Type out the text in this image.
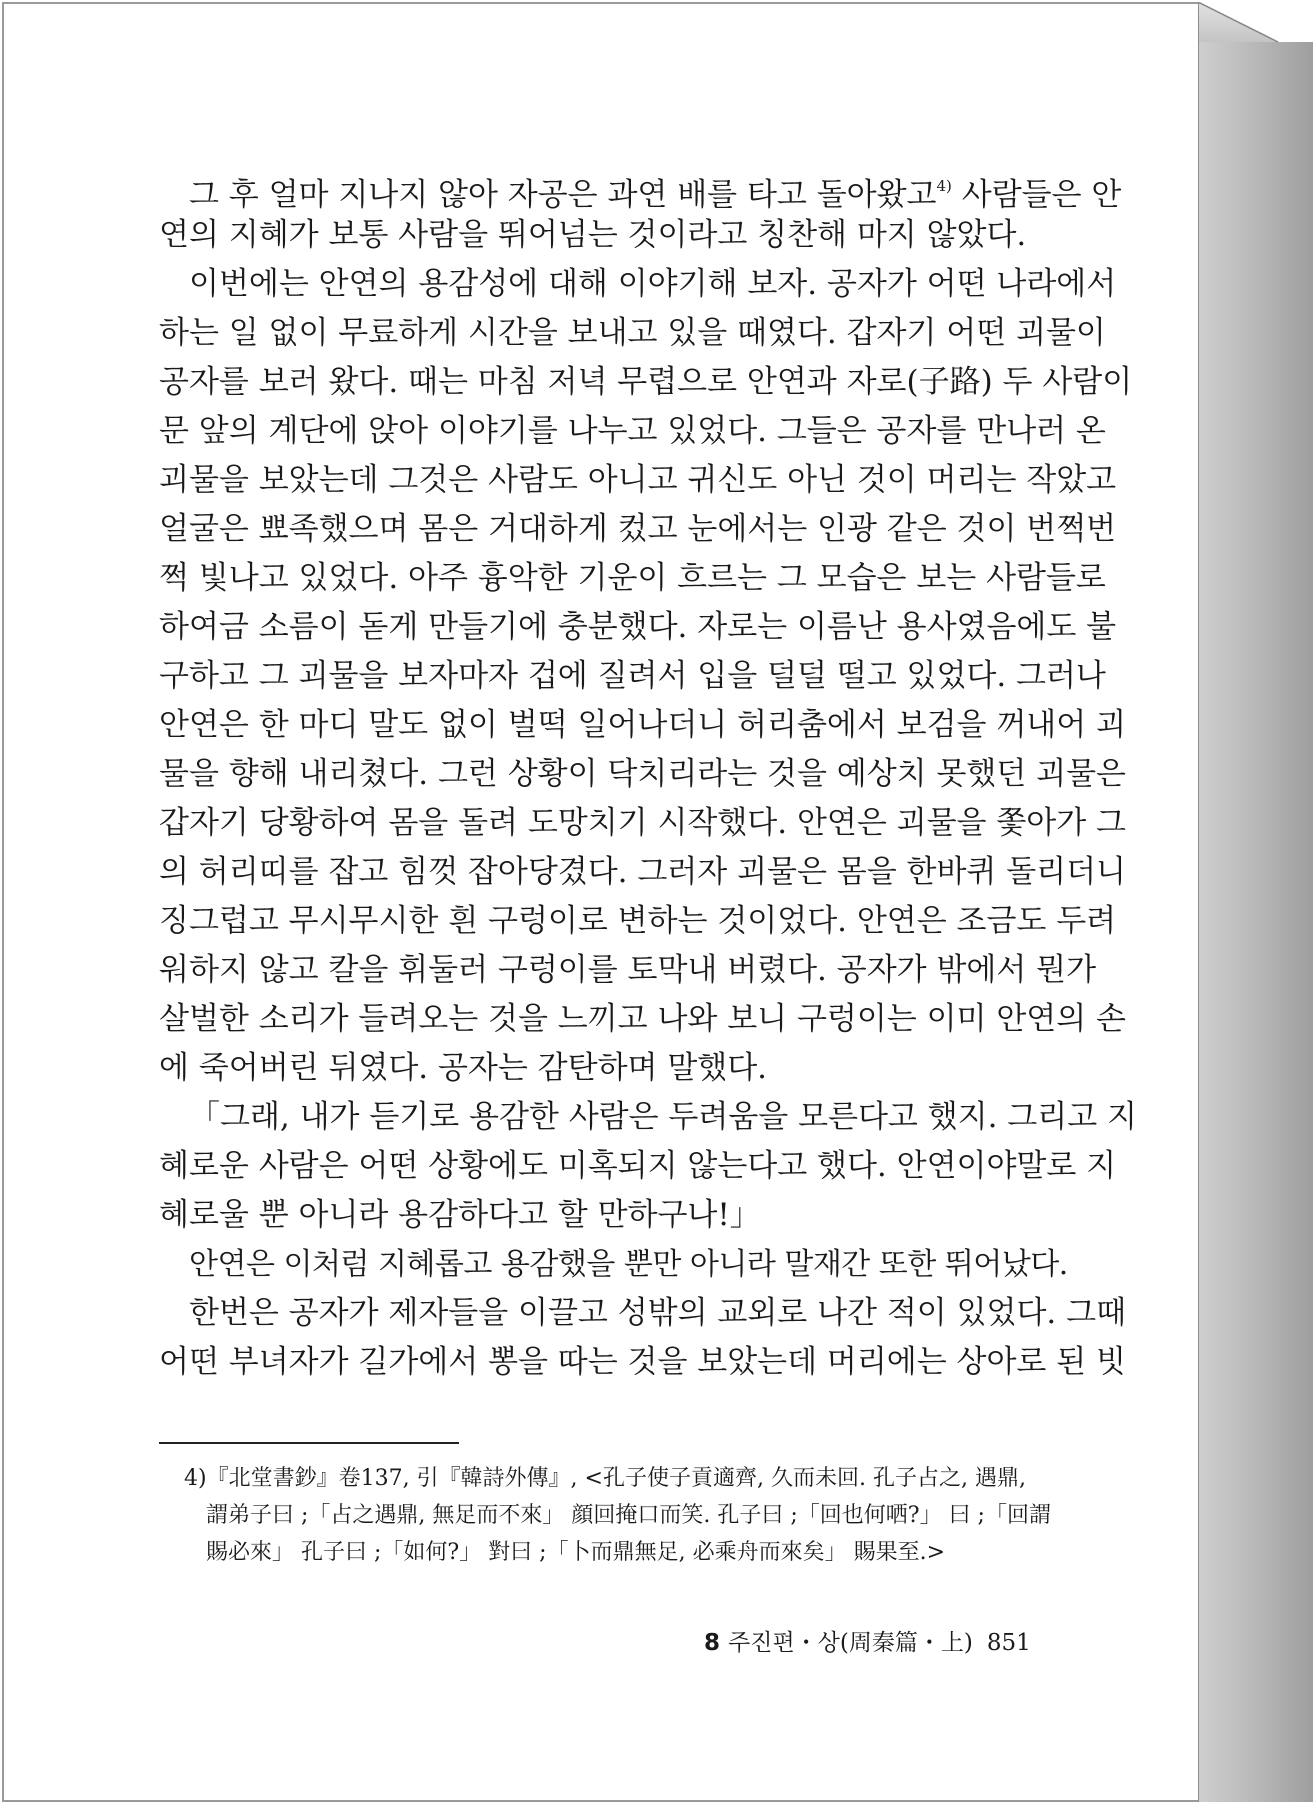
그 후 얼마 지나지 않아 자공은 과연 배를 타고 돌아왔고$^{4)}$ 사람들은 안
연의 지혜가 보통 사람을 뛰어넘는 것이라고 칭찬해 마지 않았다.
이번에는 안연의 용감성에 대해 이야기해 보자. 공자가 어떤 나라에서
하는 일 없이 무료하게 시간을 보내고 있을 때였다. 갑자기 어떤 괴물이
공자를 보러 왔다. 때는 마침 저녁 무렵으로 안연과 자로(子路) 두 사람이
문 앞의 계단에 앉아 이야기를 나누고 있었다. 그들은 공자를 만나러 온
괴물을 보았는데 그것은 사람도 아니고 귀신도 아닌 것이 머리는 작았고
얼굴은 뾰족했으며 몸은 거대하게 컸고 눈에서는 인광 같은 것이 번쩍번
쩍 빛나고 있었다. 아주 흉악한 기운이 흐르는 그 모습은 보는 사람들로
하여금 소름이 돋게 만들기에 충분했다. 자로는 이름난 용사였음에도 불
구하고 그 괴물을 보자마자 겁에 질려서 입을 덜덜 떨고 있었다. 그러나
안연은 한 마디 말도 없이 벌떡 일어나더니 허리춤에서 보검을 꺼내어 괴
물을 향해 내리쳤다. 그런 상황이 닥치리라는 것을 예상치 못했던 괴물은
갑자기 당황하여 몸을 돌려 도망치기 시작했다. 안연은 괴물을 쫓아가 그
의 허리띠를 잡고 힘껏 잡아당겼다. 그러자 괴물은 몸을 한바퀴 돌리더니
징그럽고 무시무시한 흰 구렁이로 변하는 것이었다. 안연은 조금도 두려
워하지 않고 칼을 휘둘러 구렁이를 토막내 버렸다. 공자가 밖에서 뭔가
살벌한 소리가 들려오는 것을 느끼고 나와 보니 구렁이는 이미 안연의 손
에 죽어버린 뒤였다. 공자는 감탄하며 말했다.
「그래, 내가 듣기로 용감한 사람은 두려움을 모른다고 했지. 그리고 지
혜로운 사람은 어떤 상황에도 미혹되지 않는다고 했다. 안연이야말로 지
혜로울 뿐 아니라 용감하다고 할 만하구나!」
안연은 이처럼 지혜롭고 용감했을 뿐만 아니라 말재간 또한 뛰어났다.
한번은 공자가 제자들을 이끌고 성밖의 교외로 나간 적이 있었다. 그때
어떤 부녀자가 길가에서 뽕을 따는 것을 보았는데 머리에는 상아로 된 빗
4)『北堂書鈔』卷137, 引『韓詩外傳』, <孔子使子貢適齊, 久而未回. 孔子占之, 遇鼎,
謂弟子曰 ;「占之遇鼎, 無足而不來」 顔回掩口而笑. 孔子曰 ;「回也何哂?」 曰 ;「回謂
賜必來」 孔子曰 ;「如何?」 對曰 ;「卜而鼎無足, 必乘舟而來矣」 賜果至.>
8 주진편・상(周秦篇・上) 851
